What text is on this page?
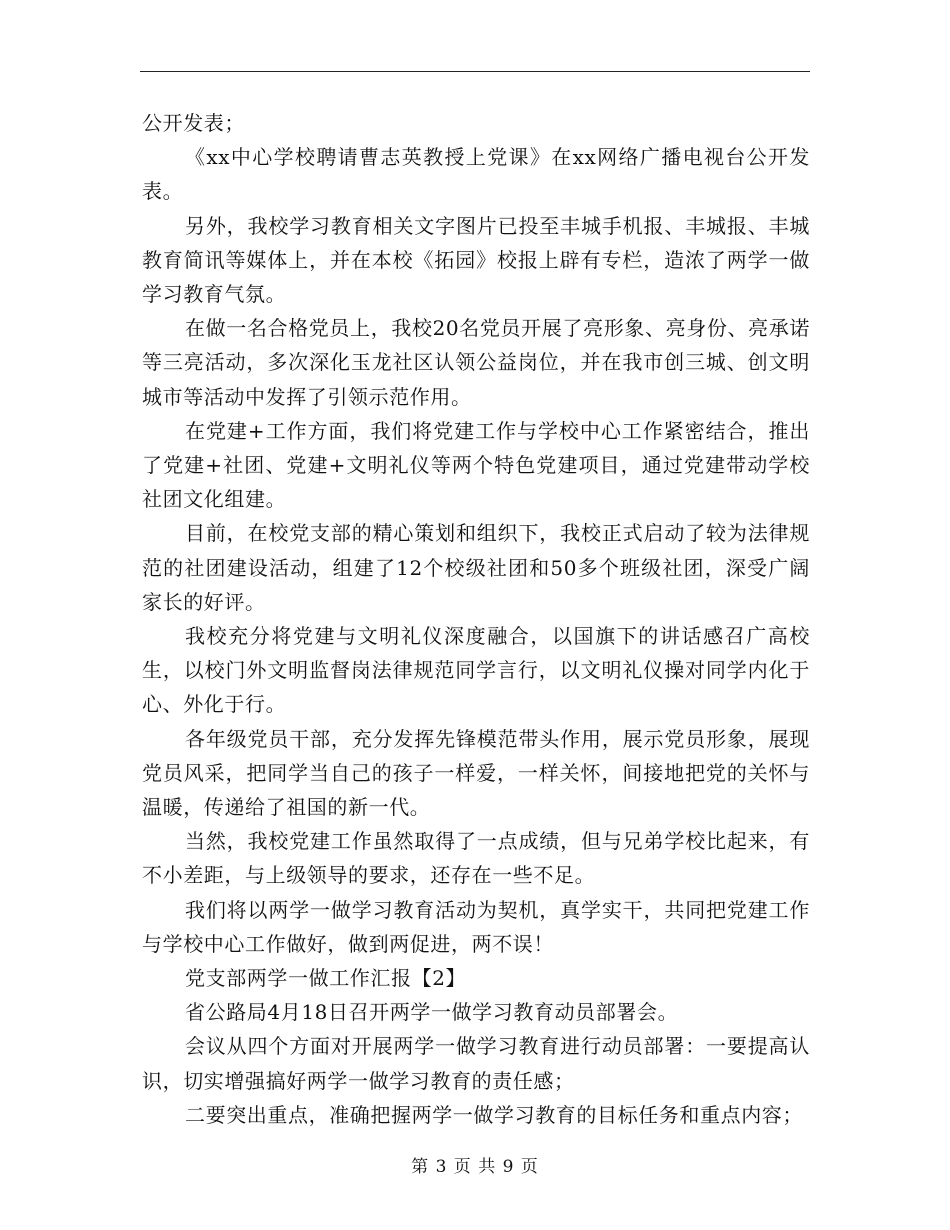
公开发表；

《xx中心学校聘请曹志英教授上党课》在xx网络广播电视台公开发表。

另外，我校学习教育相关文字图片已投至丰城手机报、丰城报、丰城教育简讯等媒体上，并在本校《拓园》校报上辟有专栏，造浓了两学一做学习教育气氛。

在做一名合格党员上，我校20名党员开展了亮形象、亮身份、亮承诺等三亮活动，多次深化玉龙社区认领公益岗位，并在我市创三城、创文明城市等活动中发挥了引领示范作用。

在党建+工作方面，我们将党建工作与学校中心工作紧密结合，推出了党建+社团、党建+文明礼仪等两个特色党建项目，通过党建带动学校社团文化组建。

目前，在校党支部的精心策划和组织下，我校正式启动了较为法律规范的社团建设活动，组建了12个校级社团和50多个班级社团，深受广阔家长的好评。

我校充分将党建与文明礼仪深度融合，以国旗下的讲话感召广高校生，以校门外文明监督岗法律规范同学言行，以文明礼仪操对同学内化于心、外化于行。

各年级党员干部，充分发挥先锋模范带头作用，展示党员形象，展现党员风采，把同学当自己的孩子一样爱，一样关怀，间接地把党的关怀与温暖，传递给了祖国的新一代。

当然，我校党建工作虽然取得了一点成绩，但与兄弟学校比起来，有不小差距，与上级领导的要求，还存在一些不足。

我们将以两学一做学习教育活动为契机，真学实干，共同把党建工作与学校中心工作做好，做到两促进，两不误！

党支部两学一做工作汇报【2】

省公路局4月18日召开两学一做学习教育动员部署会。

会议从四个方面对开展两学一做学习教育进行动员部署：一要提高认识，切实增强搞好两学一做学习教育的责任感；

二要突出重点，准确把握两学一做学习教育的目标任务和重点内容；

第 3 页 共 9 页
